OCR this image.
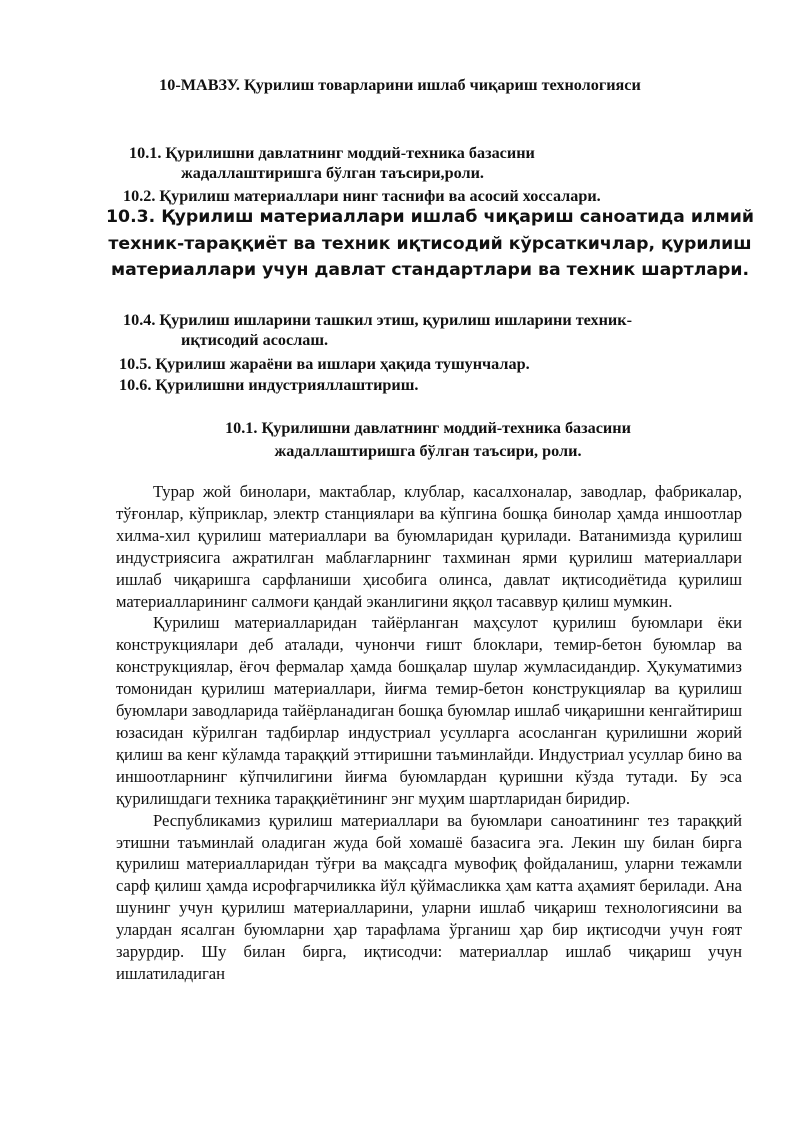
10-МАВЗУ. Қурилиш товарларини ишлаб чиқариш технологияси
10.1. Қурилишни давлатнинг моддий-техника базасини
жадаллаштиришга бўлган таъсири,роли.
10.2. Қурилиш материаллари нинг таснифи ва асосий хоссалари.
10.3. Қурилиш материаллари ишлаб чиқариш саноатида илмий техник-тараққиёт ва техник иқтисодий кўрсаткичлар, қурилиш материаллари учун давлат стандартлари ва техник шартлари.
10.4. Қурилиш ишларини ташкил этиш, қурилиш ишларини техник-
иқтисодий асослаш.
10.5. Қурилиш жараёни ва ишлари ҳақида тушунчалар.
10.6. Қурилишни индустрияллаштириш.
10.1. Қурилишни давлатнинг моддий-техника базасини
жадаллаштиришга бўлган таъсири, роли.

Турар жой бинолари, мактаблар, клублар, касалхоналар, заводлар, фабрикалар, тўғонлар, кўприклар, электр станциялари ва кўпгина бошқа бинолар ҳамда иншоотлар хилма-хил қурилиш материаллари ва буюмларидан қурилади. Ватанимизда қурилиш индустриясига ажратилган маблағларнинг тахминан ярми қурилиш материаллари ишлаб чиқаришга сарфланиши ҳисобига олинса, давлат иқтисодиётида қурилиш материалларининг салмоғи қандай эканлигини яққол тасаввур қилиш мумкин.

Қурилиш материалларидан тайёрланган маҳсулот қурилиш буюмлари ёки конструкциялари деб аталади, чунончи ғишт блоклари, темир-бетон буюмлар ва конструкциялар, ёғоч фермалар ҳамда бошқалар шулар жумласидандир. Ҳукуматимиз томонидан қурилиш материаллари, йиғма темир-бетон конструкциялар ва қурилиш буюмлари заводларида тайёрланадиган бошқа буюмлар ишлаб чиқаришни кенгайтириш юзасидан кўрилган тадбирлар индустриал усулларга асосланган қурилишни жорий қилиш ва кенг кўламда тараққий эттиришни таъминлайди. Индустриал усуллар бино ва иншоотларнинг кўпчилигини йиғма буюмлардан қуришни кўзда тутади. Бу эса қурилишдаги техника тараққиётининг энг муҳим шартларидан биридир.

Республикамиз қурилиш материаллари ва буюмлари саноатининг тез тараққий этишни таъминлай оладиган жуда бой хомашё базасига эга. Лекин шу билан бирга қурилиш материалларидан тўғри ва мақсадга мувофиқ фойдаланиш, уларни тежамли сарф қилиш ҳамда исрофгарчиликка йўл қўймасликка ҳам катта аҳамият берилади. Ана шунинг учун қурилиш материалларини, уларни ишлаб чиқариш технологиясини ва улардан ясалган буюмларни ҳар тарафлама ўрганиш ҳар бир иқтисодчи учун ғоят зарурдир. Шу билан бирга, иқтисодчи: материаллар ишлаб чиқариш учун ишлатиладиган
